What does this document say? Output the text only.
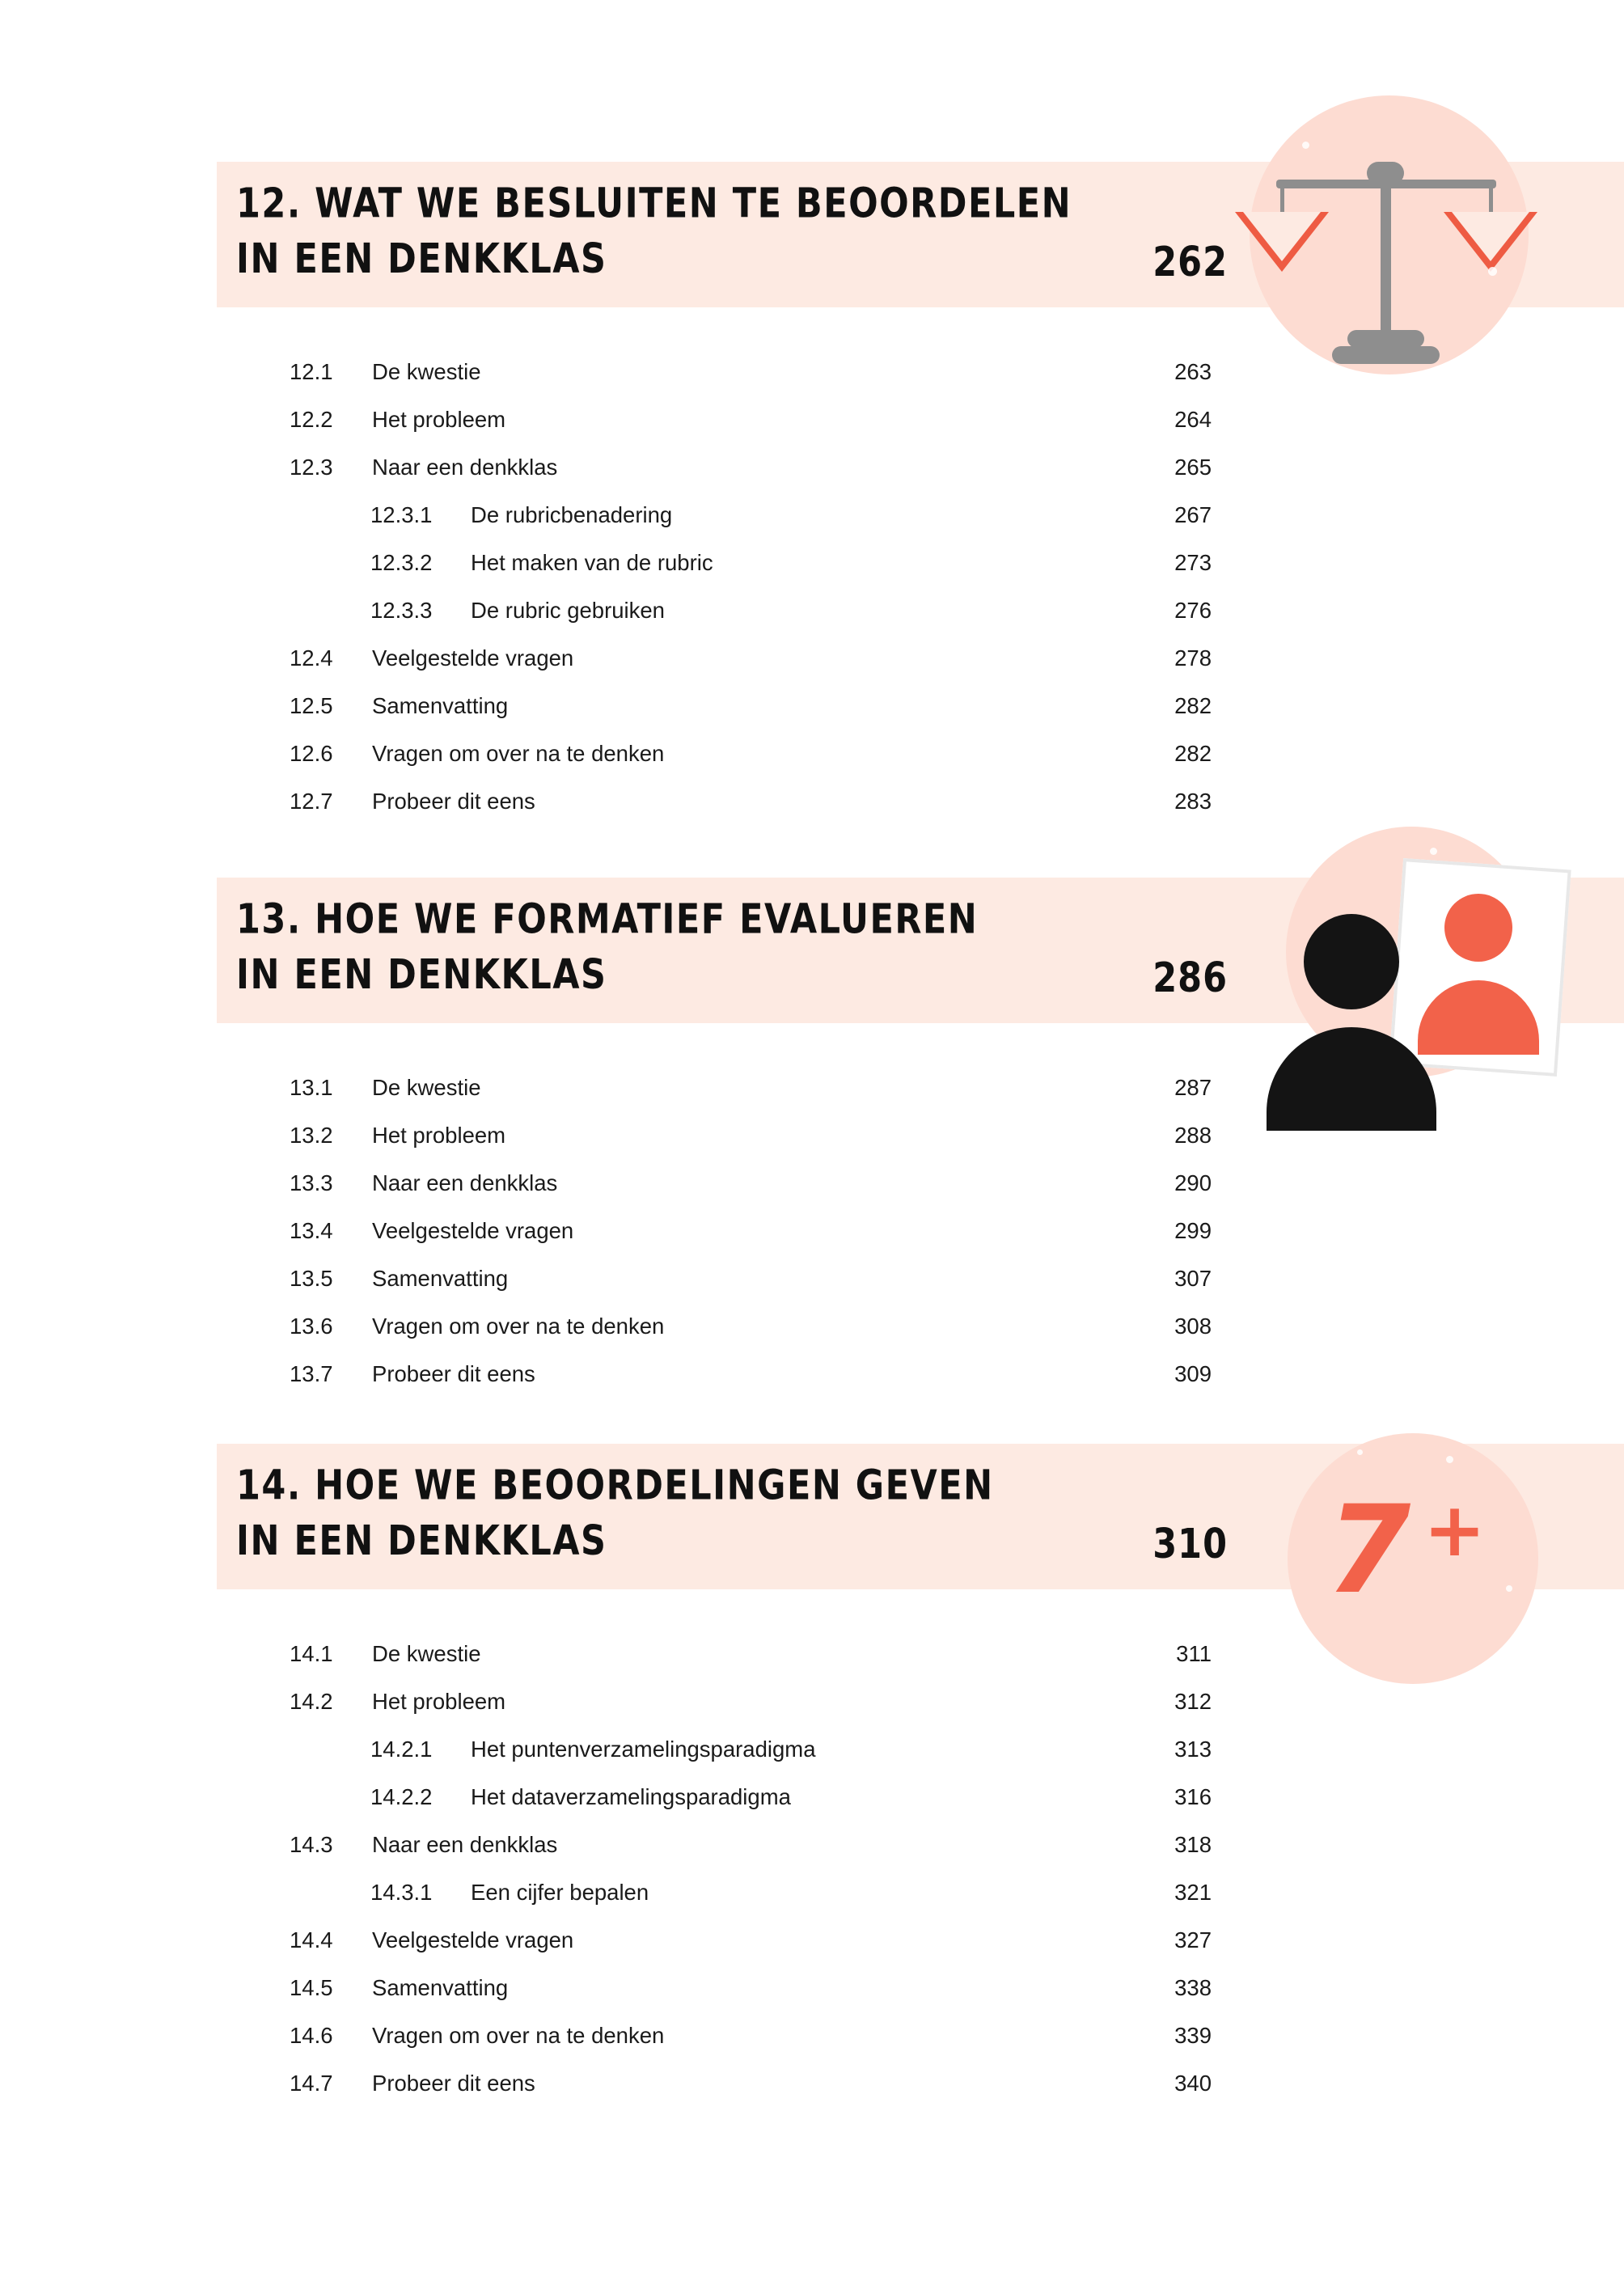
12. WAT WE BESLUITEN TE BEOORDELEN
IN EEN DENKKLAS	262
12.1	De kwestie	263
12.2	Het probleem	264
12.3	Naar een denkklas	265
12.3.1	De rubricbenadering	267
12.3.2	Het maken van de rubric	273
12.3.3	De rubric gebruiken	276
12.4	Veelgestelde vragen	278
12.5	Samenvatting	282
12.6	Vragen om over na te denken	282
12.7	Probeer dit eens	283
13. HOE WE FORMATIEF EVALUEREN
IN EEN DENKKLAS	286
13.1	De kwestie	287
13.2	Het probleem	288
13.3	Naar een denkklas	290
13.4	Veelgestelde vragen	299
13.5	Samenvatting	307
13.6	Vragen om over na te denken	308
13.7	Probeer dit eens	309
14. HOE WE BEOORDELINGEN GEVEN
IN EEN DENKKLAS	310
14.1	De kwestie	311
14.2	Het probleem	312
14.2.1	Het puntenverzamelingsparadigma	313
14.2.2	Het dataverzamelingsparadigma	316
14.3	Naar een denkklas	318
14.3.1	Een cijfer bepalen	321
14.4	Veelgestelde vragen	327
14.5	Samenvatting	338
14.6	Vragen om over na te denken	339
14.7	Probeer dit eens	340
7 +
